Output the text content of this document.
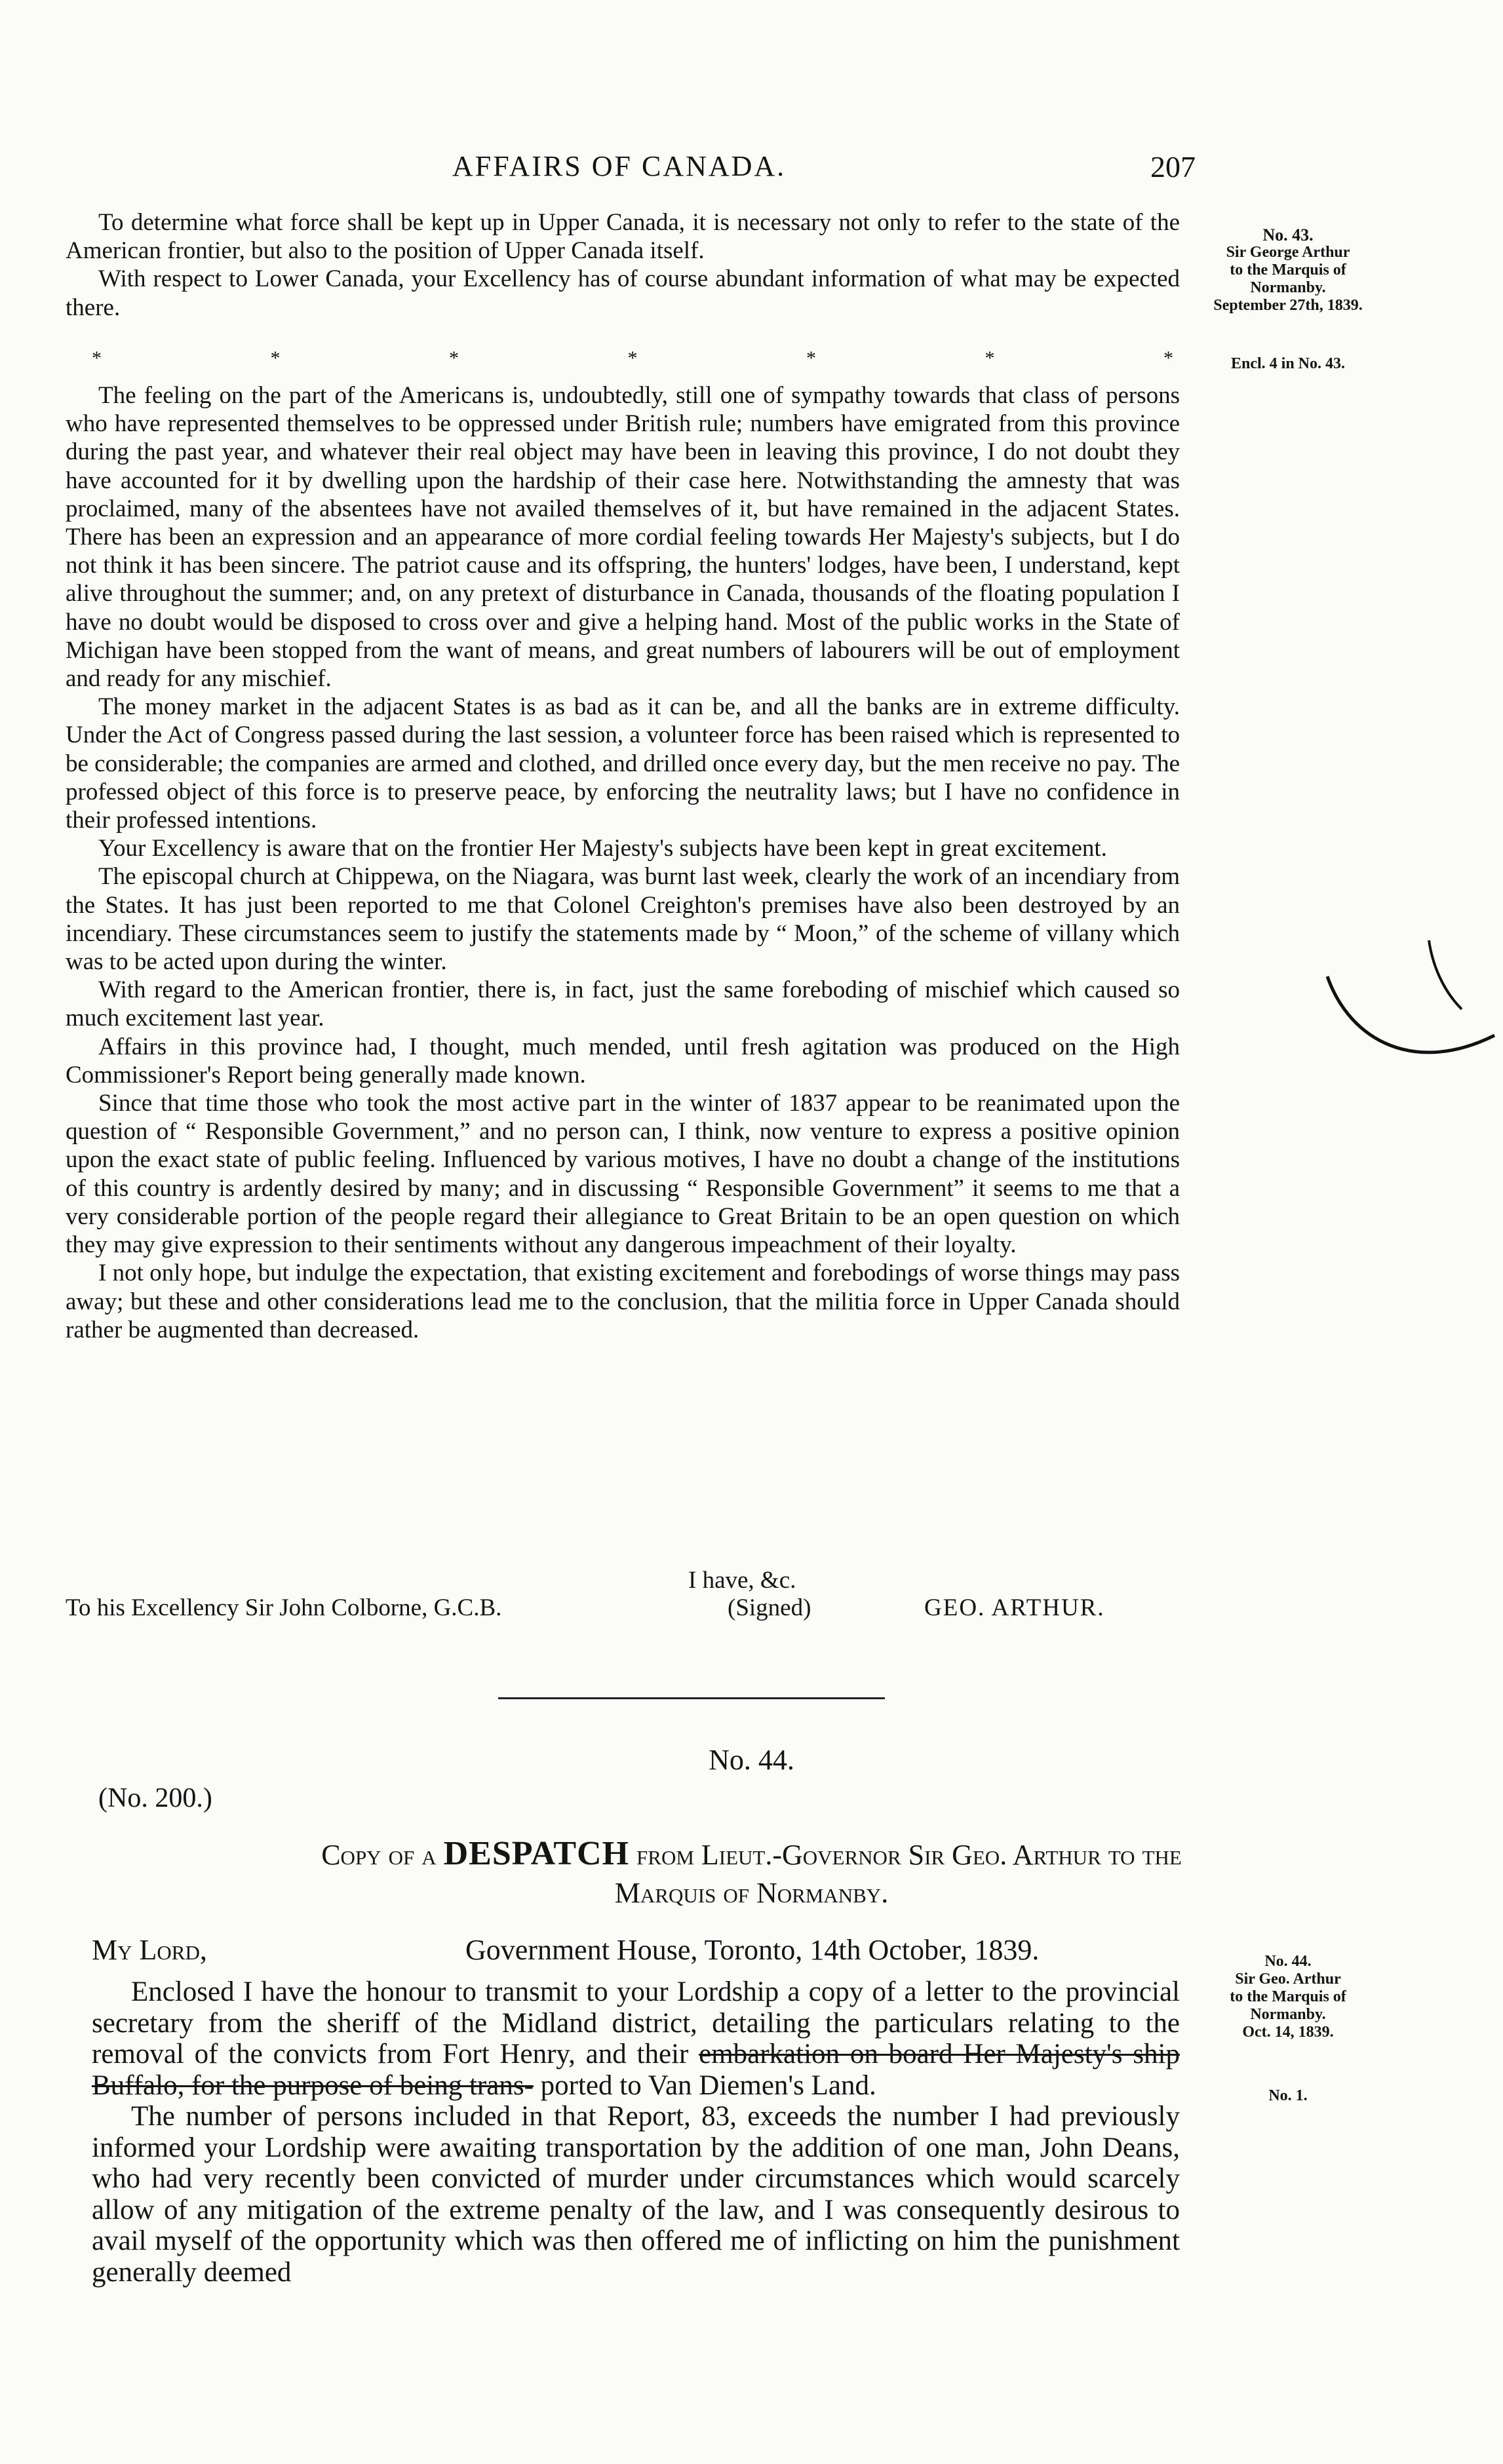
AFFAIRS OF CANADA.	207
No. 43.
Sir George Arthur
to the Marquis of
Normanby.
September 27th, 1839.
Encl. 4 in No. 43.
No. 44.
Sir Geo. Arthur
to the Marquis of
Normanby.
Oct. 14, 1839.
No. 1.

To determine what force shall be kept up in Upper Canada, it is necessary not only to refer to the state of the American frontier, but also to the position of Upper Canada itself.

With respect to Lower Canada, your Excellency has of course abundant information of what may be expected there.

*	*	*	*	*	*	*

The feeling on the part of the Americans is, undoubtedly, still one of sympathy towards that class of persons who have represented themselves to be oppressed under British rule; numbers have emigrated from this province during the past year, and whatever their real object may have been in leaving this province, I do not doubt they have accounted for it by dwelling upon the hardship of their case here. Notwithstanding the amnesty that was proclaimed, many of the absentees have not availed themselves of it, but have remained in the adjacent States. There has been an expression and an appearance of more cordial feeling towards Her Majesty's subjects, but I do not think it has been sincere. The patriot cause and its offspring, the hunters' lodges, have been, I understand, kept alive throughout the summer; and, on any pretext of disturbance in Canada, thousands of the floating population I have no doubt would be disposed to cross over and give a helping hand. Most of the public works in the State of Michigan have been stopped from the want of means, and great numbers of labourers will be out of employment and ready for any mischief.

The money market in the adjacent States is as bad as it can be, and all the banks are in extreme difficulty. Under the Act of Congress passed during the last session, a volunteer force has been raised which is represented to be considerable; the companies are armed and clothed, and drilled once every day, but the men receive no pay. The professed object of this force is to preserve peace, by enforcing the neutrality laws; but I have no confidence in their professed intentions.

Your Excellency is aware that on the frontier Her Majesty's subjects have been kept in great excitement.

The episcopal church at Chippewa, on the Niagara, was burnt last week, clearly the work of an incendiary from the States. It has just been reported to me that Colonel Creighton's premises have also been destroyed by an incendiary. These circumstances seem to justify the statements made by “ Moon,” of the scheme of villany which was to be acted upon during the winter.

With regard to the American frontier, there is, in fact, just the same foreboding of mischief which caused so much excitement last year.

Affairs in this province had, I thought, much mended, until fresh agitation was produced on the High Commissioner's Report being generally made known.

Since that time those who took the most active part in the winter of 1837 appear to be reanimated upon the question of “ Responsible Government,” and no person can, I think, now venture to express a positive opinion upon the exact state of public feeling. Influenced by various motives, I have no doubt a change of the institutions of this country is ardently desired by many; and in discussing “ Responsible Government” it seems to me that a very considerable portion of the people regard their allegiance to Great Britain to be an open question on which they may give expression to their sentiments without any dangerous impeachment of their loyalty.

I not only hope, but indulge the expectation, that existing excitement and forebodings of worse things may pass away; but these and other considerations lead me to the conclusion, that the militia force in Upper Canada should rather be augmented than decreased.

I have, &c.
To his Excellency Sir John Colborne, G.C.B.	(Signed)	GEO. ARTHUR.
No. 44.
(No. 200.)
Copy of a DESPATCH from Lieut.-Governor Sir Geo. Arthur to the
Marquis of Normanby.
My Lord,	Government House, Toronto, 14th October, 1839.

Enclosed I have the honour to transmit to your Lordship a copy of a letter to the provincial secretary from the sheriff of the Midland district, detailing the particulars relating to the removal of the convicts from Fort Henry, and their embarkation on board Her Majesty's ship Buffalo, for the purpose of being trans- ported to Van Diemen's Land.

The number of persons included in that Report, 83, exceeds the number I had previously informed your Lordship were awaiting transportation by the addition of one man, John Deans, who had very recently been convicted of murder under circumstances which would scarcely allow of any mitigation of the extreme penalty of the law, and I was consequently desirous to avail myself of the opportunity which was then offered me of inflicting on him the punishment generally deemed
